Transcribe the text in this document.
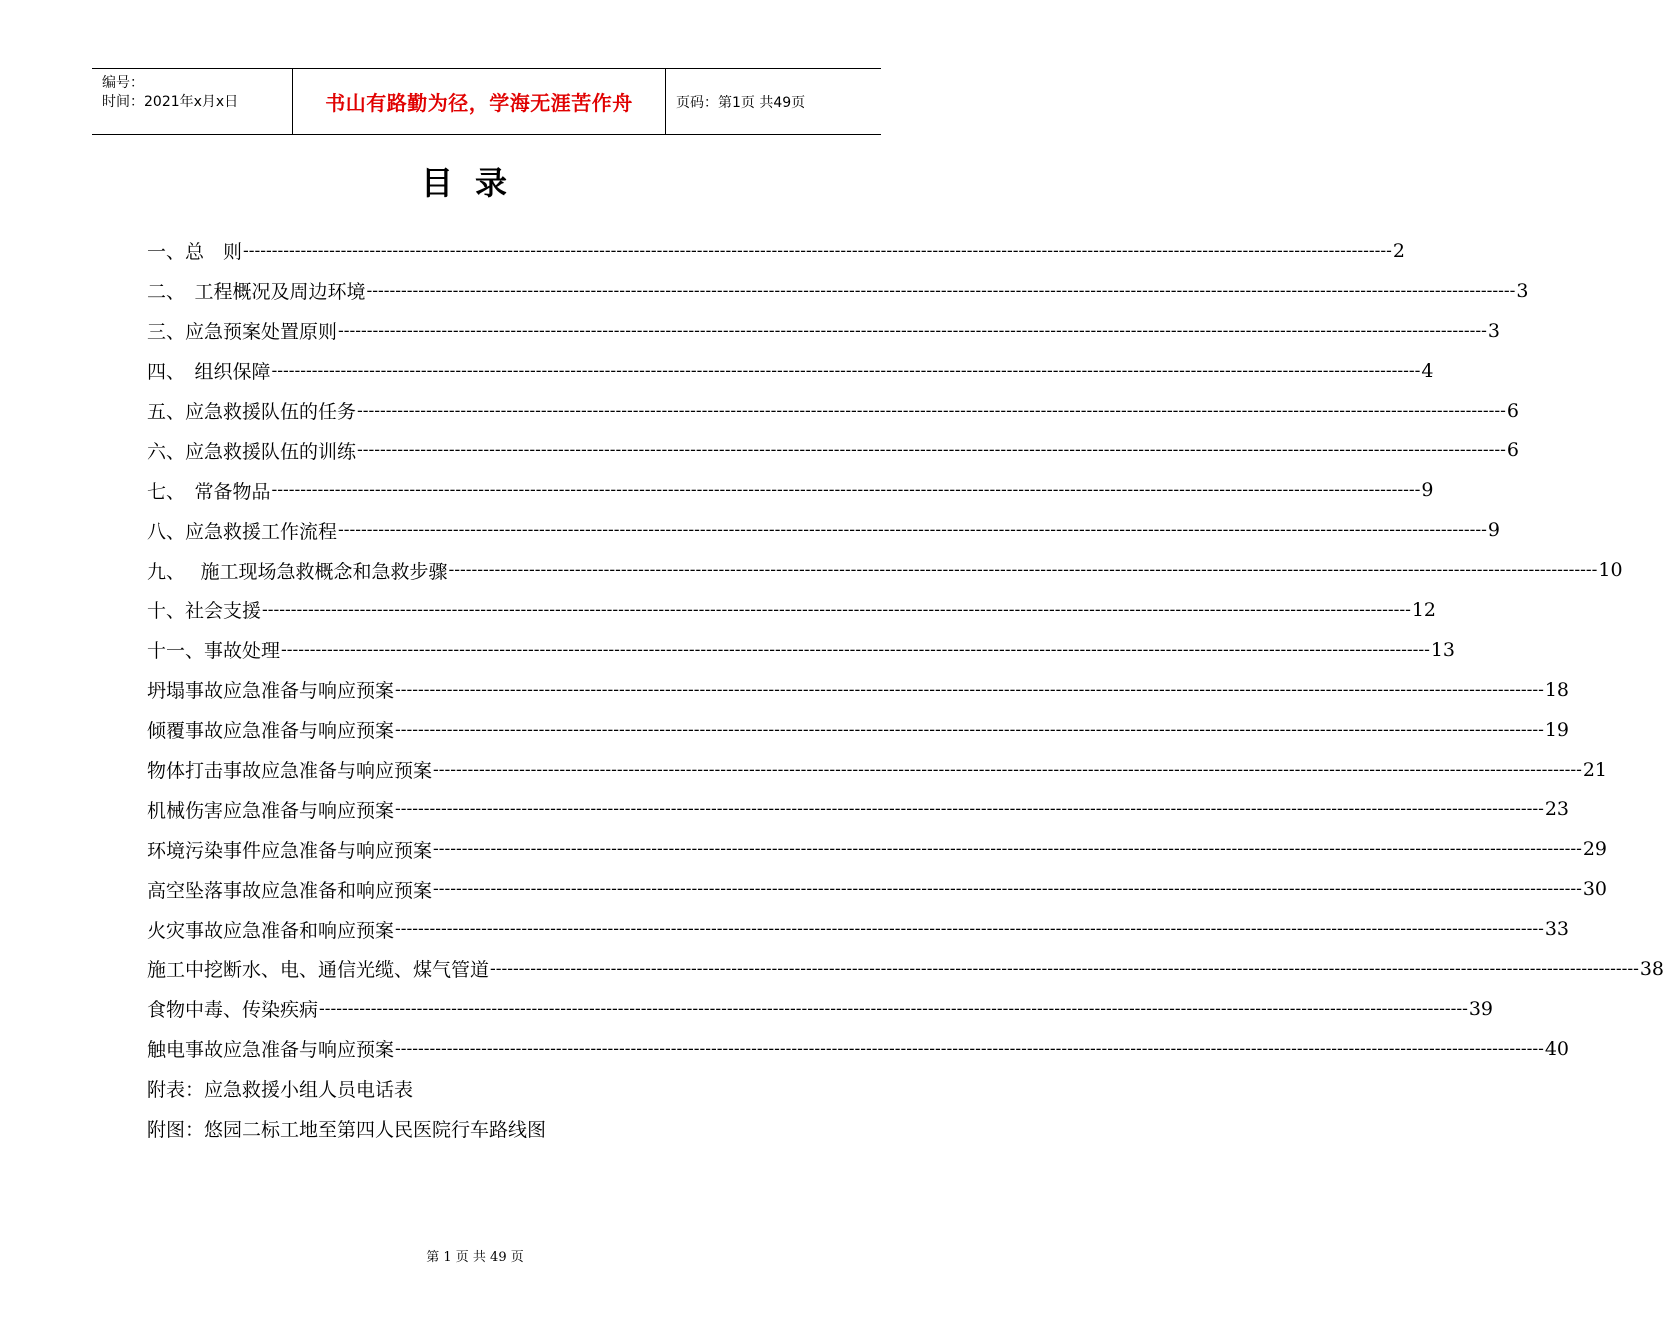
编号：
时间：2021年x月x日	书山有路勤为径，学海无涯苦作舟	页码：第1页 共49页
目录
一、总　则 -------------------------------------------------------------------------------------------------------------------------------------------------------------------------------------------------------- 2
二、　工程概况及周边环境 -------------------------------------------------------------------------------------------------------------------------------------------------------------------------------------------------------- 3
三、应急预案处置原则 -------------------------------------------------------------------------------------------------------------------------------------------------------------------------------------------------------- 3
四、　组织保障 -------------------------------------------------------------------------------------------------------------------------------------------------------------------------------------------------------- 4
五、应急救援队伍的任务 -------------------------------------------------------------------------------------------------------------------------------------------------------------------------------------------------------- 6
六、应急救援队伍的训练 -------------------------------------------------------------------------------------------------------------------------------------------------------------------------------------------------------- 6
七、　常备物品 -------------------------------------------------------------------------------------------------------------------------------------------------------------------------------------------------------- 9
八、应急救援工作流程 -------------------------------------------------------------------------------------------------------------------------------------------------------------------------------------------------------- 9
九、　 施工现场急救概念和急救步骤 -------------------------------------------------------------------------------------------------------------------------------------------------------------------------------------------------------- 10
十、社会支援 -------------------------------------------------------------------------------------------------------------------------------------------------------------------------------------------------------- 12
十一、事故处理 -------------------------------------------------------------------------------------------------------------------------------------------------------------------------------------------------------- 13
坍塌事故应急准备与响应预案 -------------------------------------------------------------------------------------------------------------------------------------------------------------------------------------------------------- 18
倾覆事故应急准备与响应预案 -------------------------------------------------------------------------------------------------------------------------------------------------------------------------------------------------------- 19
物体打击事故应急准备与响应预案 -------------------------------------------------------------------------------------------------------------------------------------------------------------------------------------------------------- 21
机械伤害应急准备与响应预案 -------------------------------------------------------------------------------------------------------------------------------------------------------------------------------------------------------- 23
环境污染事件应急准备与响应预案 -------------------------------------------------------------------------------------------------------------------------------------------------------------------------------------------------------- 29
高空坠落事故应急准备和响应预案 -------------------------------------------------------------------------------------------------------------------------------------------------------------------------------------------------------- 30
火灾事故应急准备和响应预案 -------------------------------------------------------------------------------------------------------------------------------------------------------------------------------------------------------- 33
施工中挖断水、电、通信光缆、煤气管道 -------------------------------------------------------------------------------------------------------------------------------------------------------------------------------------------------------- 38
食物中毒、传染疾病 -------------------------------------------------------------------------------------------------------------------------------------------------------------------------------------------------------- 39
触电事故应急准备与响应预案 -------------------------------------------------------------------------------------------------------------------------------------------------------------------------------------------------------- 40
附表：应急救援小组人员电话表
附图：悠园二标工地至第四人民医院行车路线图
第 1 页 共 49 页
